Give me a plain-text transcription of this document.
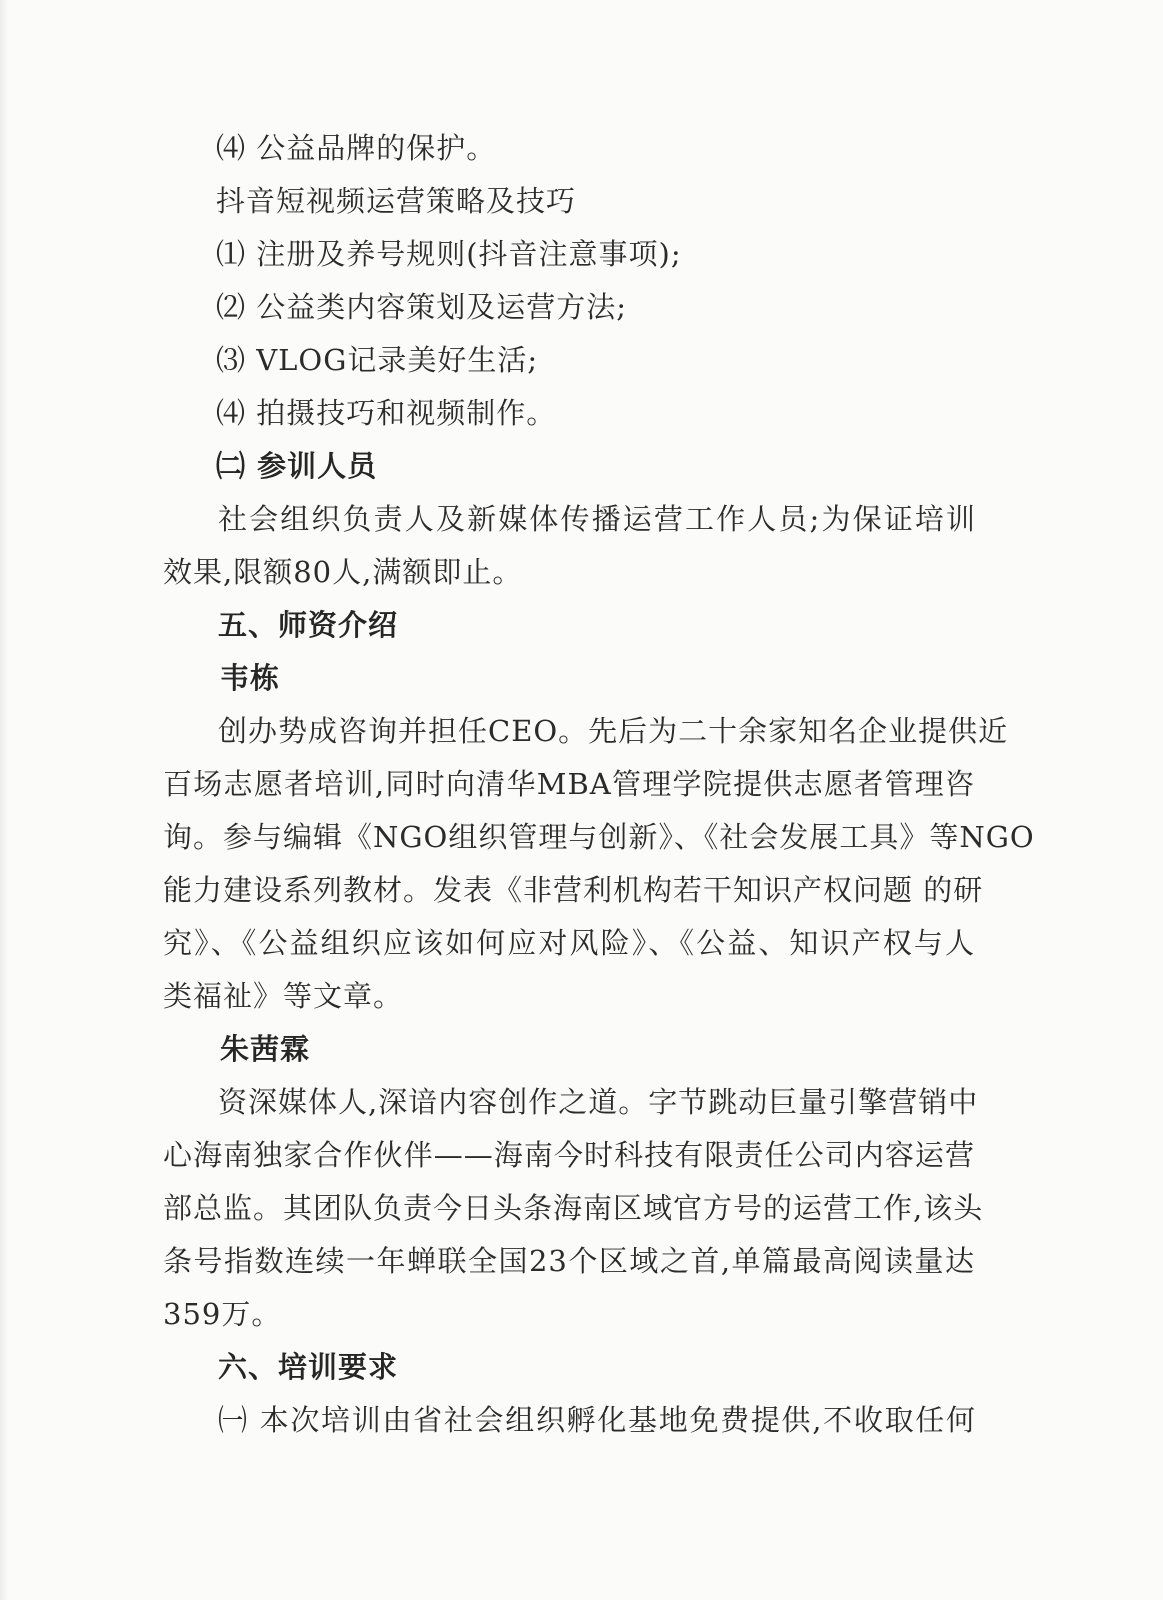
⑷ 公益品牌的保护。
抖音短视频运营策略及技巧
⑴ 注册及养号规则(抖音注意事项);
⑵ 公益类内容策划及运营方法;
⑶ VLOG记录美好生活;
⑷ 拍摄技巧和视频制作。
㈡ 参训人员
社会组织负责人及新媒体传播运营工作人员;为保证培训
效果,限额80人,满额即止。
五、师资介绍
韦栋
创办势成咨询并担任CEO。先后为二十余家知名企业提供近
百场志愿者培训,同时向清华MBA管理学院提供志愿者管理咨
询。参与编辑《NGO组织管理与创新》、《社会发展工具》等NGO
能力建设系列教材。发表《非营利机构若干知识产权问题 的研
究》、《公益组织应该如何应对风险》、《公益、知识产权与人
类福祉》等文章。
朱茜霖
资深媒体人,深谙内容创作之道。字节跳动巨量引擎营销中
心海南独家合作伙伴——海南今时科技有限责任公司内容运营
部总监。其团队负责今日头条海南区域官方号的运营工作,该头
条号指数连续一年蝉联全国23个区域之首,单篇最高阅读量达
359万。
六、培训要求
㈠ 本次培训由省社会组织孵化基地免费提供,不收取任何
